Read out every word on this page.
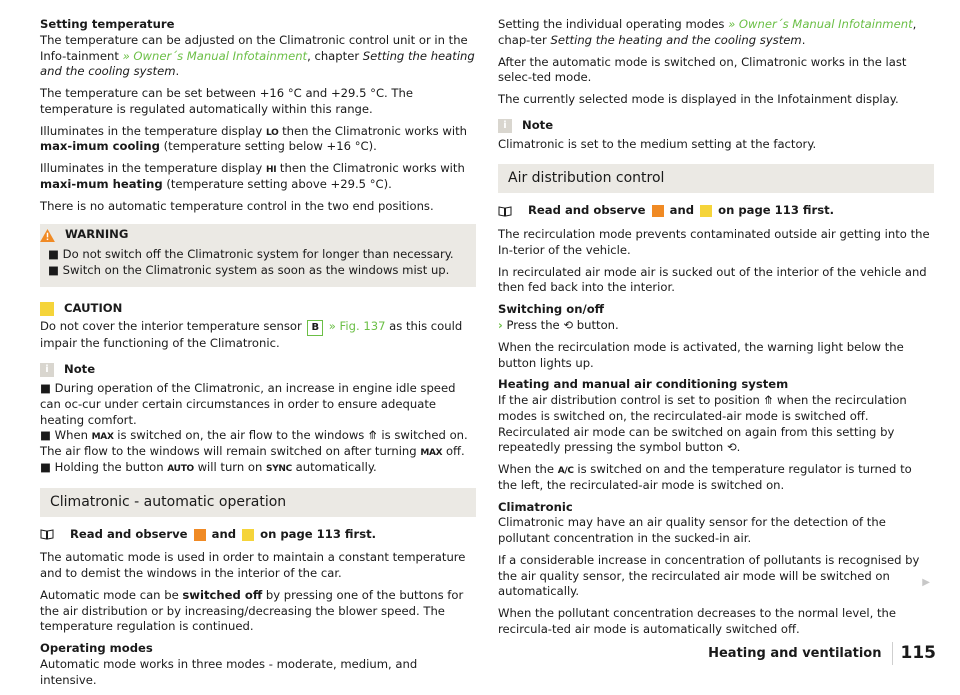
Setting temperature

The temperature can be adjusted on the Climatronic control unit or in the Info-tainment » Owner´s Manual Infotainment, chapter Setting the heating and the cooling system.

The temperature can be set between +16 °C and +29.5 °C. The temperature is regulated automatically within this range.

Illuminates in the temperature display LO then the Climatronic works with max-imum cooling (temperature setting below +16 °C).

Illuminates in the temperature display HI then the Climatronic works with maxi-mum heating (temperature setting above +29.5 °C).

There is no automatic temperature control in the two end positions.

WARNING
■ Do not switch off the Climatronic system for longer than necessary.
■ Switch on the Climatronic system as soon as the windows mist up.
CAUTION

Do not cover the interior temperature sensor B » Fig. 137 as this could impair the functioning of the Climatronic.

i	Note
■ During operation of the Climatronic, an increase in engine idle speed can oc-cur under certain circumstances in order to ensure adequate heating comfort.
■ When MAX is switched on, the air flow to the windows ⤊ is switched on. The air flow to the windows will remain switched on after turning MAX off.
■ Holding the button AUTO will turn on SYNC automatically.
Climatronic - automatic operation
Read and observe

and

on page 113 first.

The automatic mode is used in order to maintain a constant temperature and to demist the windows in the interior of the car.

Automatic mode can be switched off by pressing one of the buttons for the air distribution or by increasing/decreasing the blower speed. The temperature regulation is continued.

Operating modes

Automatic mode works in three modes - moderate, medium, and intensive.

Setting the individual operating modes » Owner´s Manual Infotainment, chap-ter Setting the heating and the cooling system.

After the automatic mode is switched on, Climatronic works in the last selec-ted mode.

The currently selected mode is displayed in the Infotainment display.

i	Note

Climatronic is set to the medium setting at the factory.

Air distribution control
Read and observe

and

on page 113 first.

The recirculation mode prevents contaminated outside air getting into the In-terior of the vehicle.

In recirculated air mode air is sucked out of the interior of the vehicle and then fed back into the interior.

Switching on/off

› Press the ⟲ button.

When the recirculation mode is activated, the warning light below the button lights up.

Heating and manual air conditioning system

If the air distribution control is set to position ⤊ when the recirculation modes is switched on, the recirculated-air mode is switched off. Recirculated air mode can be switched on again from this setting by repeatedly pressing the symbol button ⟲.

When the A/C is switched on and the temperature regulator is turned to the left, the recirculated-air mode is switched on.

Climatronic

Climatronic may have an air quality sensor for the detection of the pollutant concentration in the sucked-in air.

If a considerable increase in concentration of pollutants is recognised by the air quality sensor, the recirculated air mode will be switched on automatically.

When the pollutant concentration decreases to the normal level, the recircula-ted air mode is automatically switched off.

▶
Heating and ventilation	115
